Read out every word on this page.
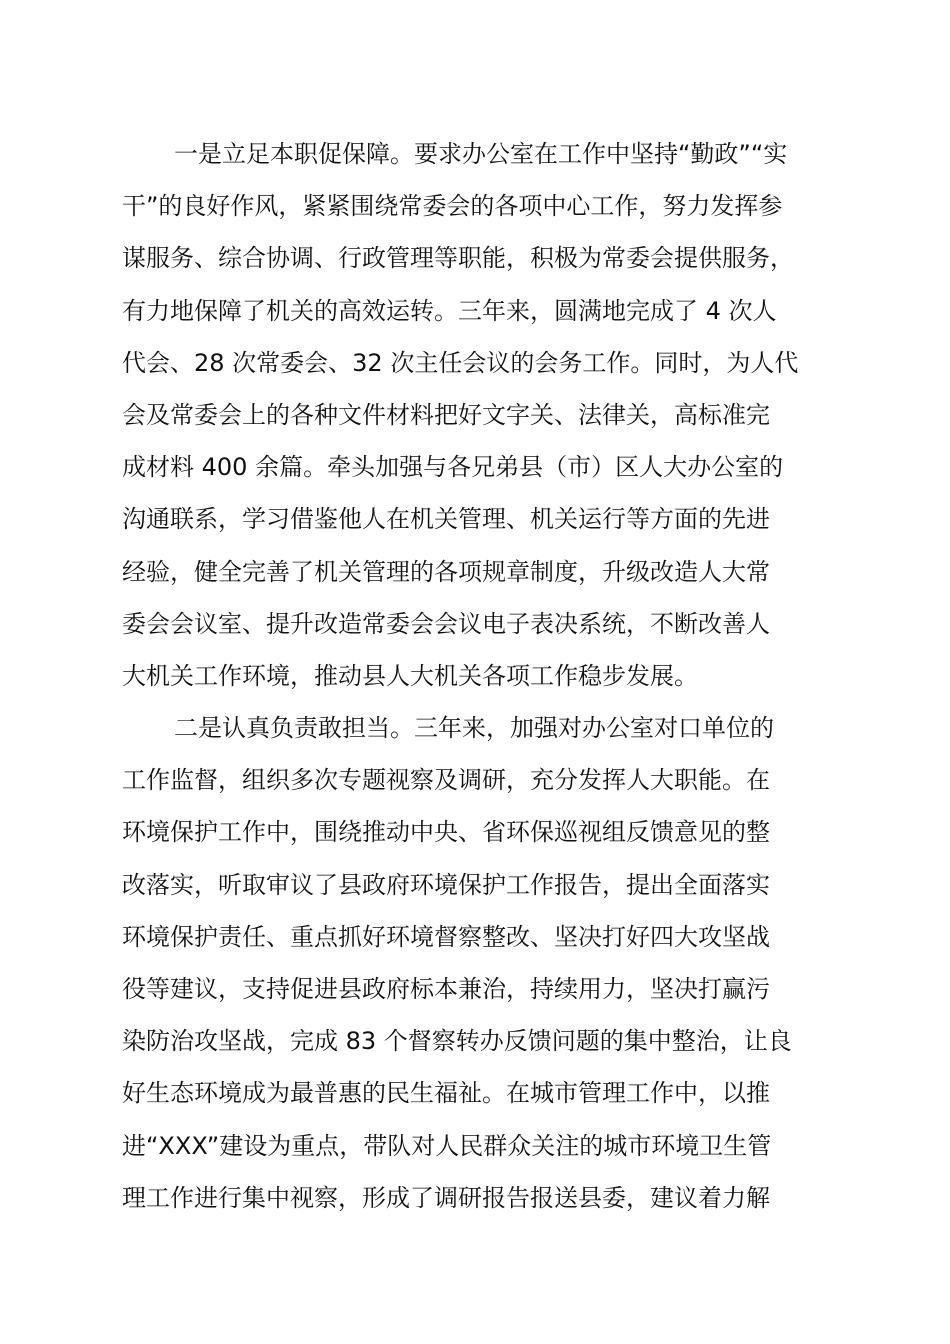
一是立足本职促保障。要求办公室在工作中坚持“勤政”“实
干”的良好作风，紧紧围绕常委会的各项中心工作，努力发挥参
谋服务、综合协调、行政管理等职能，积极为常委会提供服务，
有力地保障了机关的高效运转。三年来，圆满地完成了 4 次人
代会、28 次常委会、32 次主任会议的会务工作。同时，为人代
会及常委会上的各种文件材料把好文字关、法律关，高标准完
成材料 400 余篇。牵头加强与各兄弟县（市）区人大办公室的
沟通联系，学习借鉴他人在机关管理、机关运行等方面的先进
经验，健全完善了机关管理的各项规章制度，升级改造人大常
委会会议室、提升改造常委会会议电子表决系统，不断改善人
大机关工作环境，推动县人大机关各项工作稳步发展。
二是认真负责敢担当。三年来，加强对办公室对口单位的
工作监督，组织多次专题视察及调研，充分发挥人大职能。在
环境保护工作中，围绕推动中央、省环保巡视组反馈意见的整
改落实，听取审议了县政府环境保护工作报告，提出全面落实
环境保护责任、重点抓好环境督察整改、坚决打好四大攻坚战
役等建议，支持促进县政府标本兼治，持续用力，坚决打赢污
染防治攻坚战，完成 83 个督察转办反馈问题的集中整治，让良
好生态环境成为最普惠的民生福祉。在城市管理工作中，以推
进“XXX”建设为重点，带队对人民群众关注的城市环境卫生管
理工作进行集中视察，形成了调研报告报送县委，建议着力解
